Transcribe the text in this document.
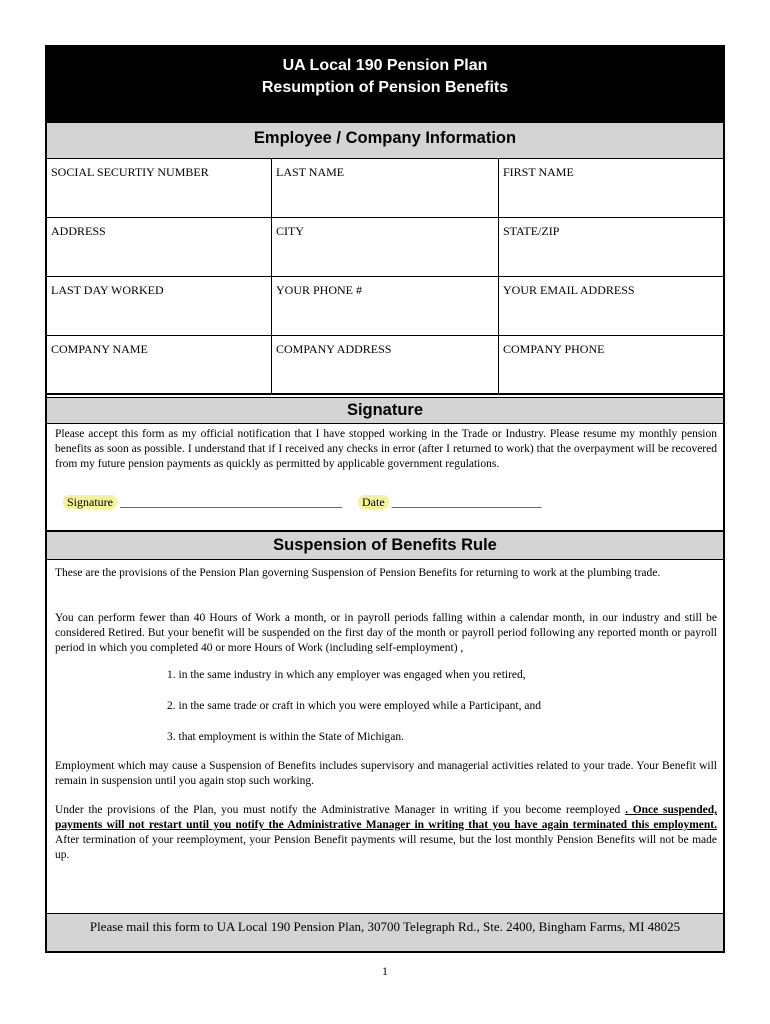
UA Local 190 Pension Plan
Resumption of Pension Benefits
Employee / Company Information
SOCIAL SECURTIY NUMBER	LAST NAME	FIRST NAME
ADDRESS	CITY	STATE/ZIP
LAST DAY WORKED	YOUR PHONE #	YOUR EMAIL ADDRESS
COMPANY NAME	COMPANY ADDRESS	COMPANY PHONE
Signature
Please accept this form as my official notification that I have stopped working in the Trade or Industry. Please resume my monthly pension benefits as soon as possible. I understand that if I received any checks in error (after I returned to work) that the overpayment will be recovered from my future pension payments as quickly as permitted by applicable government regulations.
Signature _____________________________________ Date _________________________
Suspension of Benefits Rule
These are the provisions of the Pension Plan governing Suspension of Pension Benefits for returning to work at the plumbing trade.
You can perform fewer than 40 Hours of Work a month, or in payroll periods falling within a calendar month, in our industry and still be considered Retired. But your benefit will be suspended on the first day of the month or payroll period following any reported month or payroll period in which you completed 40 or more Hours of Work (including self-employment) ,
1. in the same industry in which any employer was engaged when you retired,
2. in the same trade or craft in which you were employed while a Participant, and
3. that employment is within the State of Michigan.
Employment which may cause a Suspension of Benefits includes supervisory and managerial activities related to your trade. Your Benefit will remain in suspension until you again stop such working.
Under the provisions of the Plan, you must notify the Administrative Manager in writing if you become reemployed . Once suspended, payments will not restart until you notify the Administrative Manager in writing that you have again terminated this employment. After termination of your reemployment, your Pension Benefit payments will resume, but the lost monthly Pension Benefits will not be made up.
Please mail this form to UA Local 190 Pension Plan, 30700 Telegraph Rd., Ste. 2400, Bingham Farms, MI 48025
1
